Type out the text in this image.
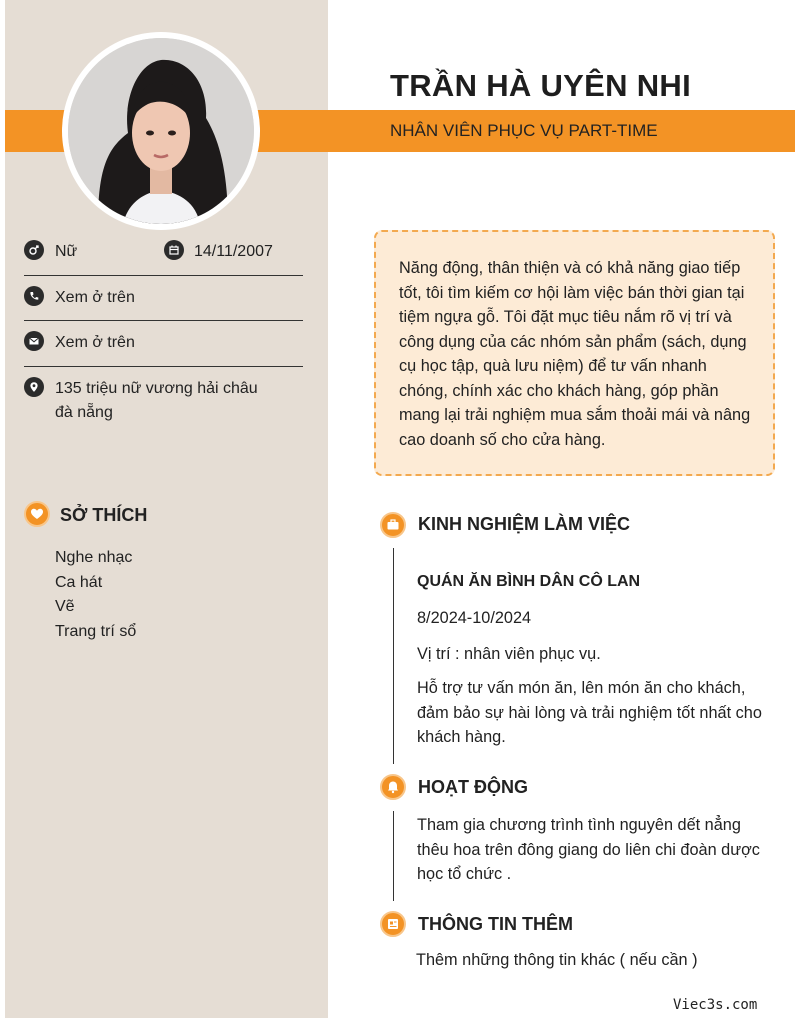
TRẦN HÀ UYÊN NHI
NHÂN VIÊN PHỤC VỤ PART-TIME
Nữ	14/11/2007
Xem ở trên
Xem ở trên
135 triệu nữ vương hải châu
đà nẵng
SỞ THÍCH
Nghe nhạc
Ca hát
Vẽ
Trang trí sổ
Năng động, thân thiện và có khả năng giao tiếp tốt, tôi tìm kiếm cơ hội làm việc bán thời gian tại tiệm ngựa gỗ. Tôi đặt mục tiêu nắm rõ vị trí và công dụng của các nhóm sản phẩm (sách, dụng cụ học tập, quà lưu niệm) để tư vấn nhanh chóng, chính xác cho khách hàng, góp phần mang lại trải nghiệm mua sắm thoải mái và nâng cao doanh số cho cửa hàng.
KINH NGHIỆM LÀM VIỆC
QUÁN ĂN BÌNH DÂN CÔ LAN
8/2024-10/2024
Vị trí : nhân viên phục vụ.
Hỗ trợ tư vấn món ăn, lên món ăn cho khách, đảm bảo sự hài lòng và trải nghiệm tốt nhất cho khách hàng.
HOẠT ĐỘNG
Tham gia chương trình tình nguyên dết nẳng thêu hoa trên đông giang do liên chi đoàn dược học tổ chức .
THÔNG TIN THÊM
Thêm những thông tin khác ( nếu cần )
Viec3s.com
